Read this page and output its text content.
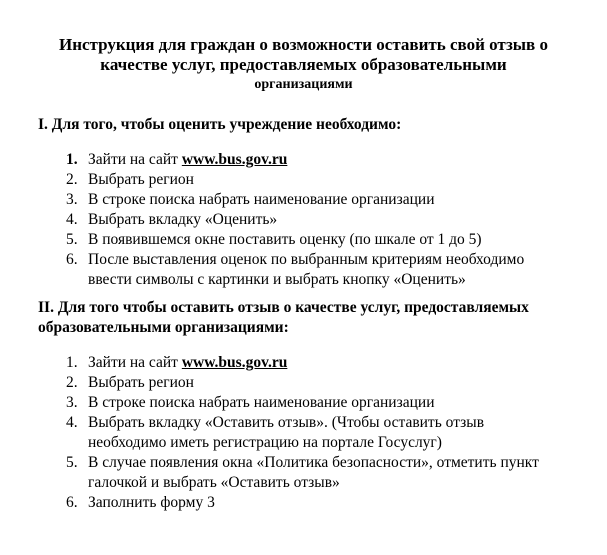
Инструкция для граждан о возможности оставить свой отзыв о
качестве услуг, предоставляемых образовательными
организациями
I. Для того, чтобы оценить учреждение необходимо:
1. Зайти на сайт www.bus.gov.ru
2. Выбрать регион
3. В строке поиска набрать наименование организации
4. Выбрать вкладку «Оценить»
5. В появившемся окне поставить оценку (по шкале от 1 до 5)
6. После выставления оценок по выбранным критериям необходимо
ввести символы с картинки и выбрать кнопку «Оценить»
II. Для того чтобы оставить отзыв о качестве услуг, предоставляемых
образовательными организациями:
1. Зайти на сайт www.bus.gov.ru
2. Выбрать регион
3. В строке поиска набрать наименование организации
4. Выбрать вкладку «Оставить отзыв». (Чтобы оставить отзыв
необходимо иметь регистрацию на портале Госуслуг)
5. В случае появления окна «Политика безопасности», отметить пункт
галочкой и выбрать «Оставить отзыв»
6. Заполнить форму 3
